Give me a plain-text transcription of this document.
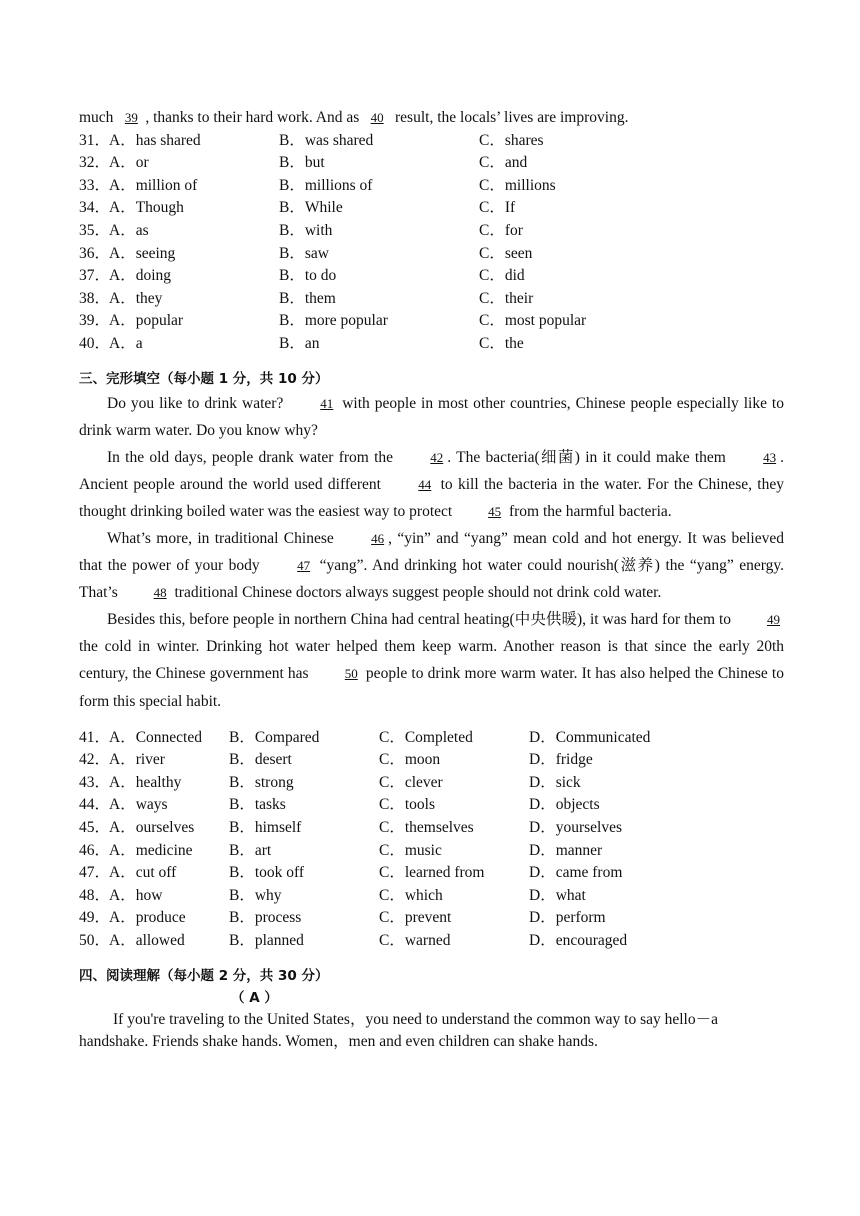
much 39 , thanks to their hard work. And as 40 result, the locals’ lives are improving.
31．
A．has shared	B．was shared	C．shares
32．
A．or	B．but	C．and
33．
A．million of	B．millions of	C．millions
34．
A．Though	B．While	C．If
35．
A．as	B．with	C．for
36．
A．seeing	B．saw	C．seen
37．
A．doing	B．to do	C．did
38．
A．they	B．them	C．their
39．
A．popular	B．more popular	C．most popular
40．
A．a	B．an	C．the
三、完形填空（每小题 1 分，共 10 分）
Do you like to drink water? 41 with people in most other countries, Chinese people especially like to drink warm water. Do you know why?
In the old days, people drank water from the 42 . The bacteria(细菌) in it could make them 43 . Ancient people around the world used different 44 to kill the bacteria in the water. For the Chinese, they thought drinking boiled water was the easiest way to protect 45 from the harmful bacteria.
What’s more, in traditional Chinese 46 , “yin” and “yang” mean cold and hot energy. It was believed that the power of your body 47 “yang”. And drinking hot water could nourish(滋养) the “yang” energy. That’s 48 traditional Chinese doctors always suggest people should not drink cold water.
Besides this, before people in northern China had central heating(中央供暖), it was hard for them to 49 the cold in winter. Drinking hot water helped them keep warm. Another reason is that since the early 20th century, the Chinese government has 50 people to drink more warm water. It has also helped the Chinese to form this special habit.
41．
A．Connected	B．Compared	C．Completed	D．Communicated
42．
A．river	B．desert	C．moon	D．fridge
43．
A．healthy	B．strong	C．clever	D．sick
44．
A．ways	B．tasks	C．tools	D．objects
45．
A．ourselves	B．himself	C．themselves	D．yourselves
46．
A．medicine	B．art	C．music	D．manner
47．
A．cut off	B．took off	C．learned from	D．came from
48．
A．how	B．why	C．which	D．what
49．
A．produce	B．process	C．prevent	D．perform
50．
A．allowed	B．planned	C．warned	D．encouraged
四、阅读理解（每小题 2 分，共 30 分）
（ A ）
If you're traveling to the United States，you need to understand the common way to say hello－a handshake. Friends shake hands. Women，men and even children can shake hands.
